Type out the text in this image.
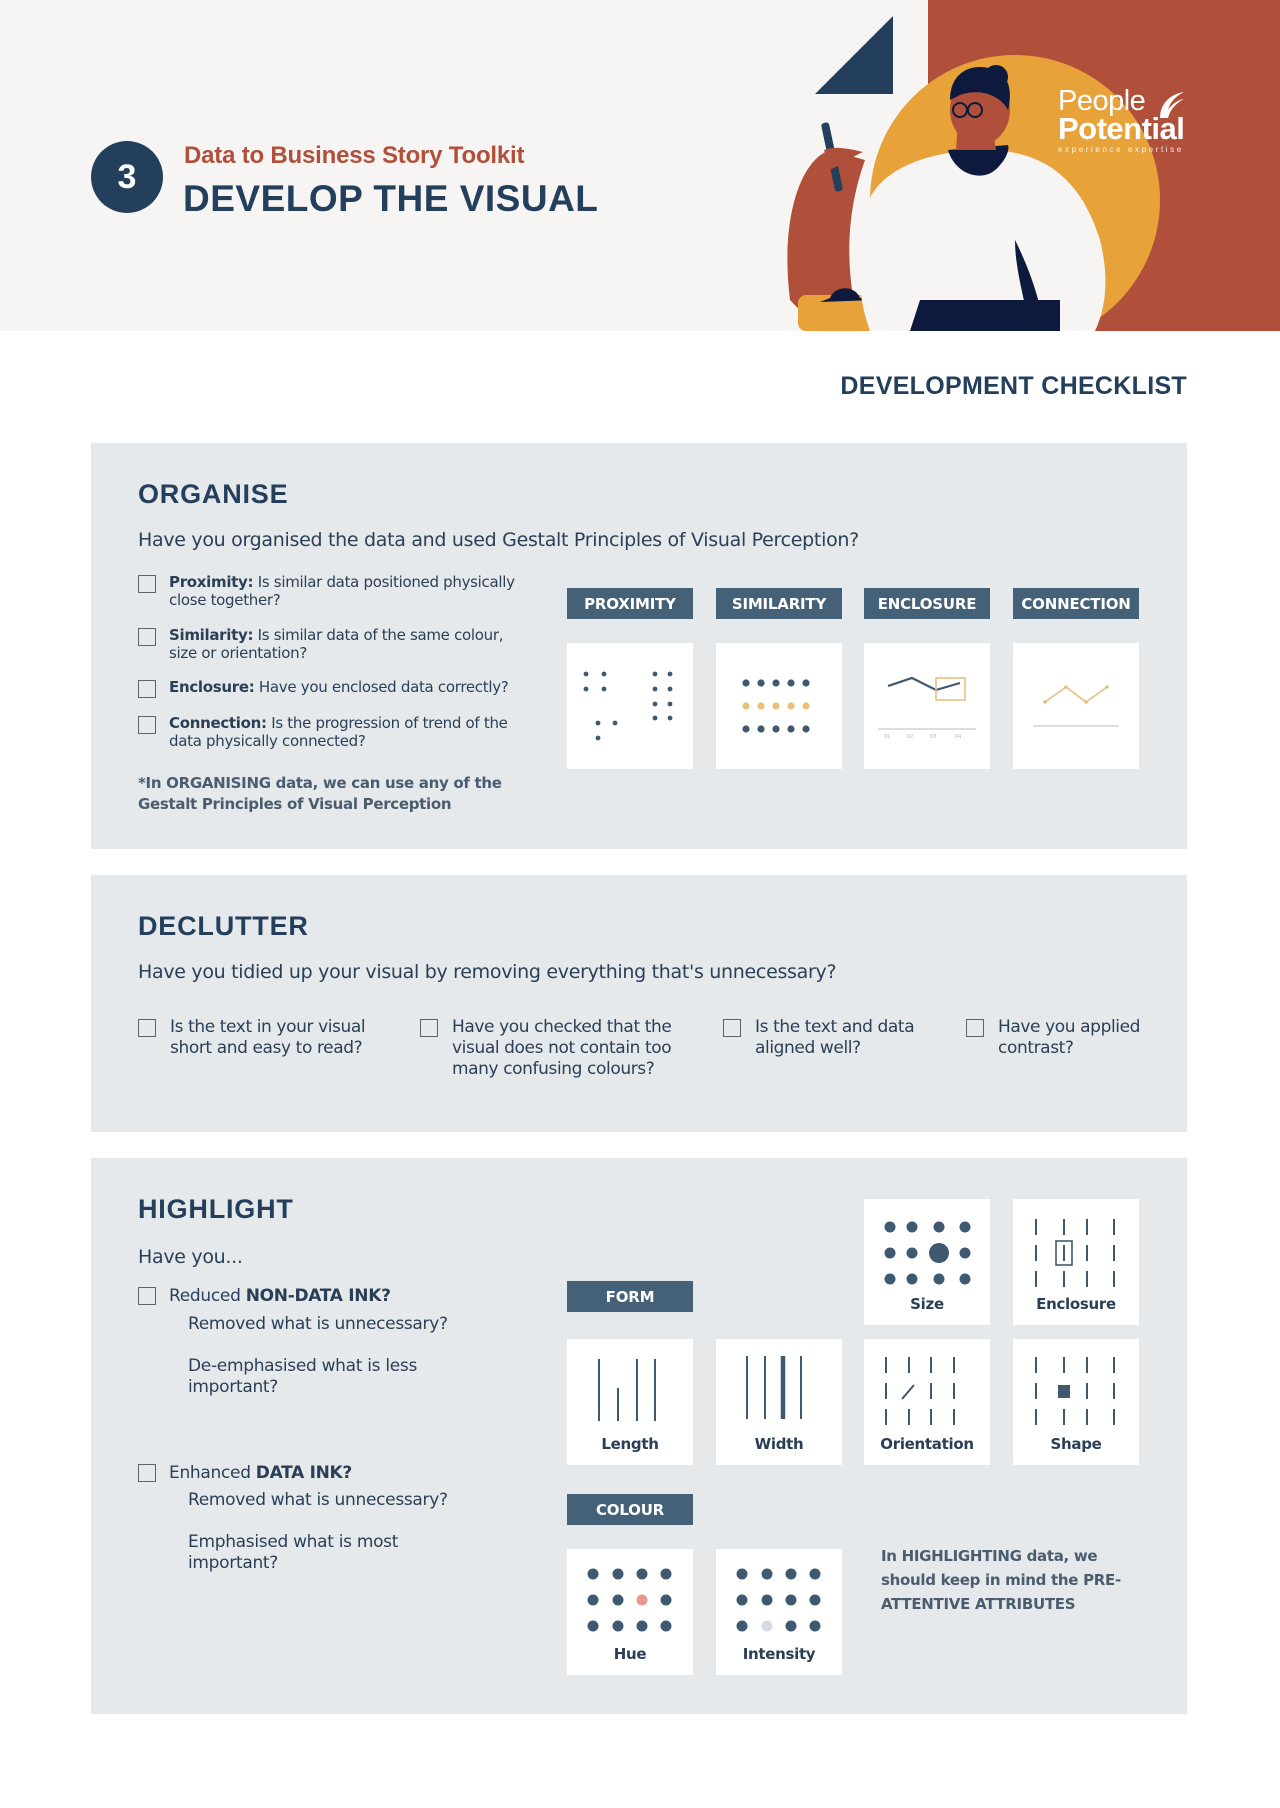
3
Data to Business Story Toolkit
DEVELOP THE VISUAL
People
Potential
experience expertise
DEVELOPMENT CHECKLIST
ORGANISE
Have you organised the data and used Gestalt Principles of Visual Perception?
Proximity: Is similar data positioned physically close together?
Similarity: Is similar data of the same colour, size or orientation?
Enclosure: Have you enclosed data correctly?
Connection: Is the progression of trend of the data physically connected?
*In ORGANISING data, we can use any of the Gestalt Principles of Visual Perception
PROXIMITY	SIMILARITY	ENCLOSURE	CONNECTION
01	02	03	04
DECLUTTER
Have you tidied up your visual by removing everything that's unnecessary?
Is the text in your visual short and easy to read?
Have you checked that the visual does not contain too many confusing colours?
Is the text and data aligned well?
Have you applied contrast?
HIGHLIGHT
Have you...
Reduced NON-DATA INK?
Removed what is unnecessary?
De-emphasised what is less important?
Enhanced DATA INK?
Removed what is unnecessary?
Emphasised what is most important?
Size	Enclosure
FORM
Length	Width	Orientation	Shape
COLOUR
Hue	Intensity
In HIGHLIGHTING data, we should keep in mind the PRE-ATTENTIVE ATTRIBUTES
